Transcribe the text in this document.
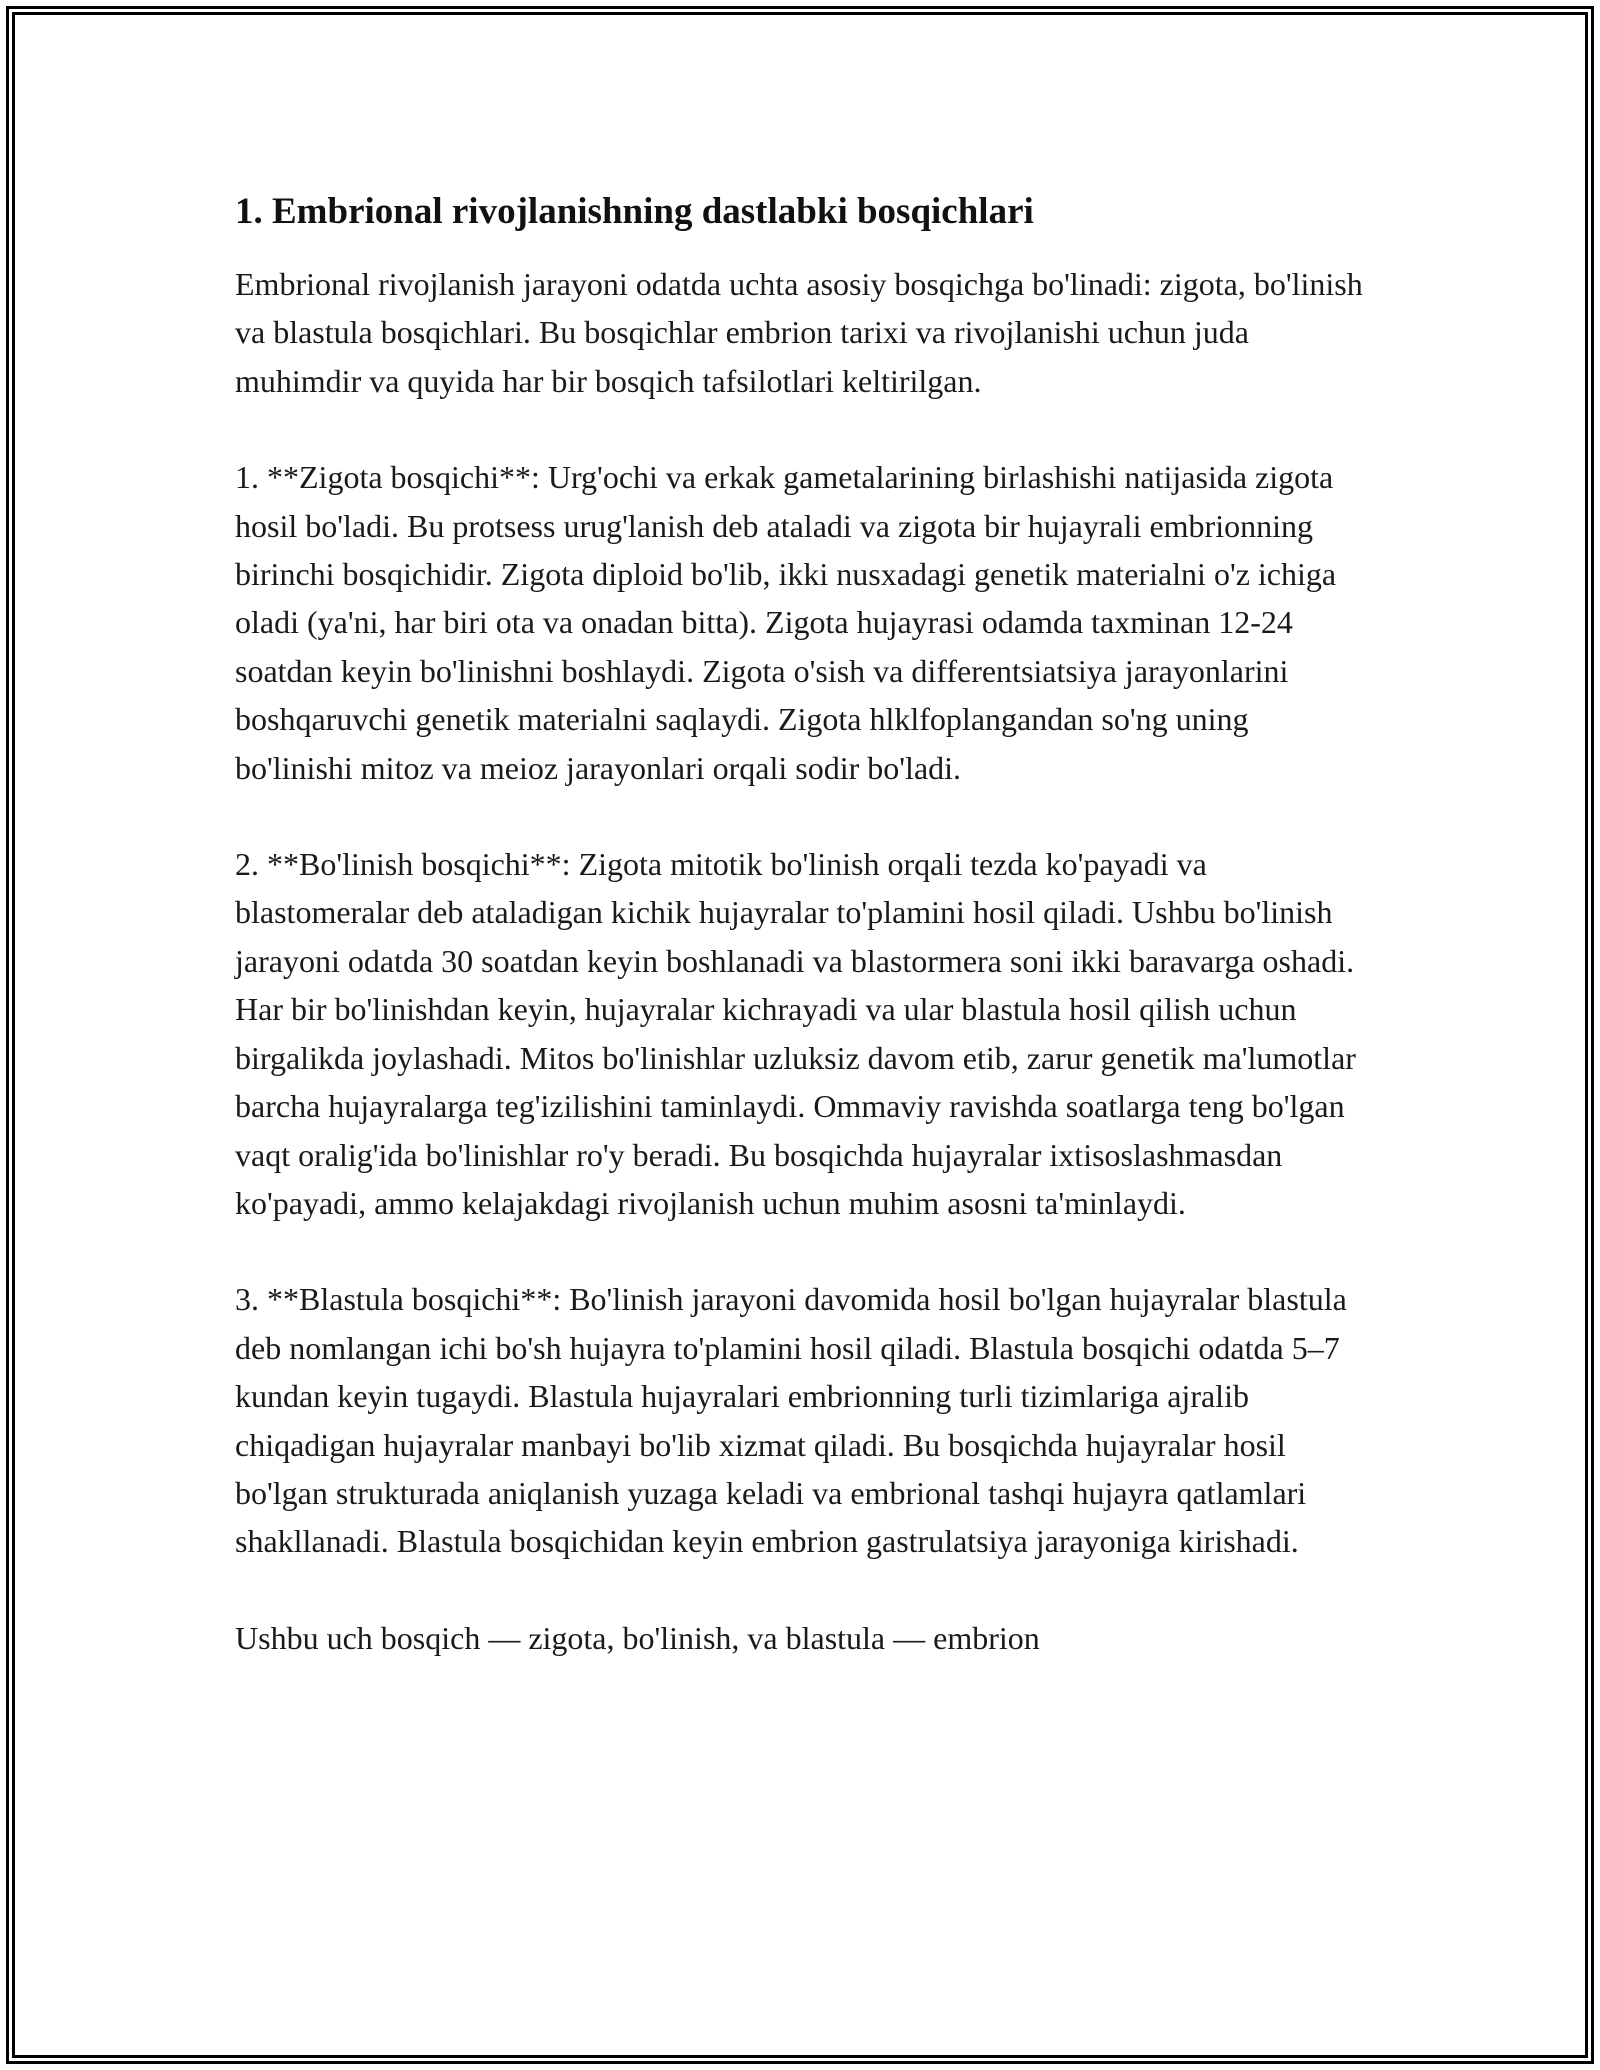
1. Embrional rivojlanishning dastlabki bosqichlari

Embrional rivojlanish jarayoni odatda uchta asosiy bosqichga bo'linadi: zigota, bo'linish va blastula bosqichlari. Bu bosqichlar embrion tarixi va rivojlanishi uchun juda muhimdir va quyida har bir bosqich tafsilotlari keltirilgan.

1. **Zigota bosqichi**: Urg'ochi va erkak gametalarining birlashishi natijasida zigota hosil bo'ladi. Bu protsess urug'lanish deb ataladi va zigota bir hujayrali embrionning birinchi bosqichidir. Zigota diploid bo'lib, ikki nusxadagi genetik materialni o'z ichiga oladi (ya'ni, har biri ota va onadan bitta). Zigota hujayrasi odamda taxminan 12-24 soatdan keyin bo'linishni boshlaydi. Zigota o'sish va differentsiatsiya jarayonlarini boshqaruvchi genetik materialni saqlaydi. Zigota hlklfoplangandan so'ng uning bo'linishi mitoz va meioz jarayonlari orqali sodir bo'ladi.

2. **Bo'linish bosqichi**: Zigota mitotik bo'linish orqali tezda ko'payadi va blastomeralar deb ataladigan kichik hujayralar to'plamini hosil qiladi. Ushbu bo'linish jarayoni odatda 30 soatdan keyin boshlanadi va blastormera soni ikki baravarga oshadi. Har bir bo'linishdan keyin, hujayralar kichrayadi va ular blastula hosil qilish uchun birgalikda joylashadi. Mitos bo'linishlar uzluksiz davom etib, zarur genetik ma'lumotlar barcha hujayralarga teg'izilishini taminlaydi. Ommaviy ravishda soatlarga teng bo'lgan vaqt oralig'ida bo'linishlar ro'y beradi. Bu bosqichda hujayralar ixtisoslashmasdan ko'payadi, ammo kelajakdagi rivojlanish uchun muhim asosni ta'minlaydi.

3. **Blastula bosqichi**: Bo'linish jarayoni davomida hosil bo'lgan hujayralar blastula deb nomlangan ichi bo'sh hujayra to'plamini hosil qiladi. Blastula bosqichi odatda 5–7 kundan keyin tugaydi. Blastula hujayralari embrionning turli tizimlariga ajralib chiqadigan hujayralar manbayi bo'lib xizmat qiladi. Bu bosqichda hujayralar hosil bo'lgan strukturada aniqlanish yuzaga keladi va embrional tashqi hujayra qatlamlari shakllanadi. Blastula bosqichidan keyin embrion gastrulatsiya jarayoniga kirishadi.

Ushbu uch bosqich — zigota, bo'linish, va blastula — embrion
